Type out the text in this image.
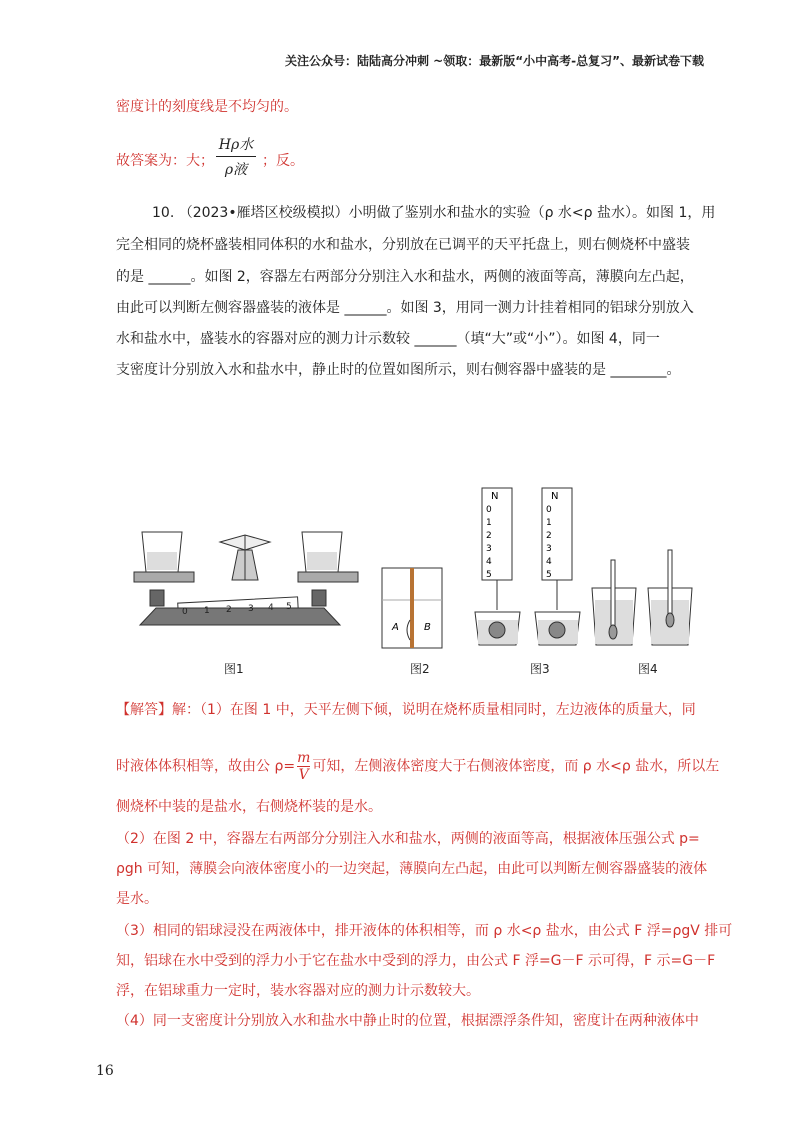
关注公众号：陆陆高分冲刺 ~领取：最新版“小中高考-总复习”、最新试卷下载
密度计的刻度线是不均匀的。
故答案为：大；
Hρ水
ρ液
；反。
10. （2023•雁塔区校级模拟）小明做了鉴别水和盐水的实验（ρ 水<ρ 盐水）。如图 1，用
完全相同的烧杯盛装相同体积的水和盐水，分别放在已调平的天平托盘上，则右侧烧杯中盛装
的是 ______。如图 2，容器左右两部分分别注入水和盐水，两侧的液面等高，薄膜向左凸起，
由此可以判断左侧容器盛装的液体是 ______。如图 3，用同一测力计挂着相同的铝球分别放入
水和盐水中，盛装水的容器对应的测力计示数较 ______（填“大”或“小”）。如图 4，同一
支密度计分别放入水和盐水中，静止时的位置如图所示，则右侧容器中盛装的是 ________。
0 1 2 3 4 5
A	B
N	N
0
1
2
3
4
5
0
1
2
3
4
5
图1	图2	图3	图4
【解答】解：（1）在图 1 中，天平左侧下倾，说明在烧杯质量相同时，左边液体的质量大，同
时液体体积相等，故由公 $\rho= \frac{m}{V}$ 可知，左侧液体密度大于右侧液体密度，而 ρ 水<ρ 盐水，所以左
侧烧杯中装的是盐水，右侧烧杯装的是水。
（2）在图 2 中，容器左右两部分分别注入水和盐水，两侧的液面等高，根据液体压强公式 p=
ρgh 可知，薄膜会向液体密度小的一边突起，薄膜向左凸起，由此可以判断左侧容器盛装的液体
是水。
（3）相同的铝球浸没在两液体中，排开液体的体积相等，而 ρ 水<ρ 盐水，由公式 F 浮=ρgV 排可
知，铝球在水中受到的浮力小于它在盐水中受到的浮力，由公式 F 浮=G－F 示可得，F 示=G－F
浮，在铝球重力一定时，装水容器对应的测力计示数较大。
（4）同一支密度计分别放入水和盐水中静止时的位置，根据漂浮条件知，密度计在两种液体中
16
